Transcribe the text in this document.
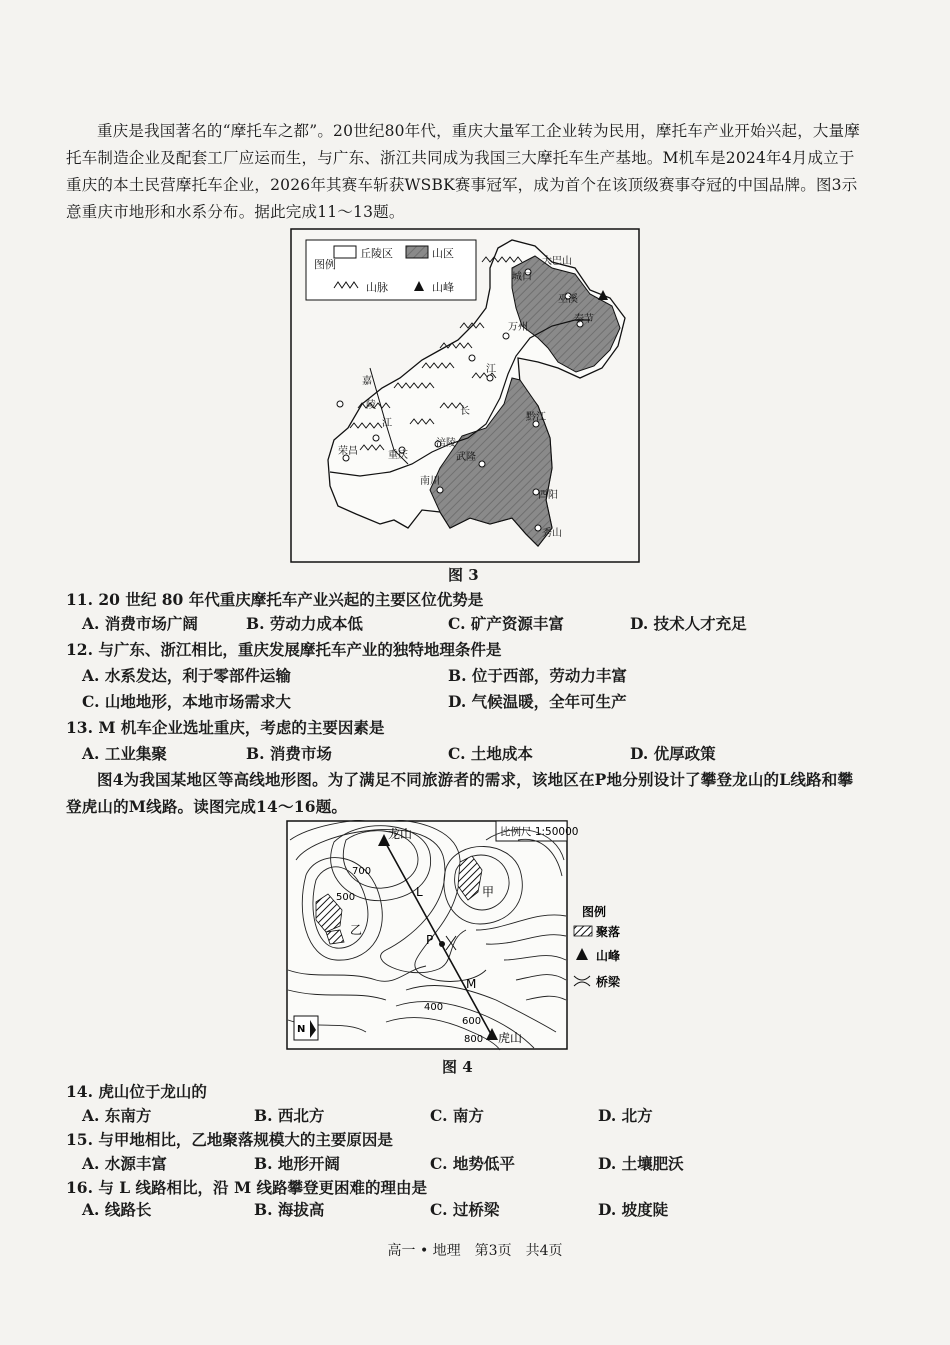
重庆是我国著名的“摩托车之都”。20世纪80年代，重庆大量军工企业转为民用，摩托车产业开始兴起，大量摩托车制造企业及配套工厂应运而生，与广东、浙江共同成为我国三大摩托车生产基地。M机车是2024年4月成立于重庆的本土民营摩托车企业，2026年其赛车斩获WSBK赛事冠军，成为首个在该顶级赛事夺冠的中国品牌。图3示意重庆市地形和水系分布。据此完成11～13题。
图例
丘陵区	山区
山脉	山峰
大巴山
城口
巫溪
奉节
万州
嘉
陵
江
荣昌	重庆
涪陵
武隆
南川
黔江
酉阳
秀山
长
江
图 3
11. 20 世纪 80 年代重庆摩托车产业兴起的主要区位优势是
A. 消费市场广阔	B. 劳动力成本低	C. 矿产资源丰富	D. 技术人才充足
12. 与广东、浙江相比，重庆发展摩托车产业的独特地理条件是
A. 水系发达，利于零部件运输	B. 位于西部，劳动力丰富
C. 山地地形，本地市场需求大	D. 气候温暖，全年可生产
13. M 机车企业选址重庆，考虑的主要因素是
A. 工业集聚	B. 消费市场	C. 土地成本	D. 优厚政策
图4为我国某地区等高线地形图。为了满足不同旅游者的需求，该地区在P地分别设计了攀登龙山的L线路和攀登虎山的M线路。读图完成14～16题。
比例尺 1:50000
龙山
虎山
L
M
P
甲
乙
700
500
400
600
800
N
图例
聚落
山峰
桥梁
图 4
14. 虎山位于龙山的
A. 东南方	B. 西北方	C. 南方	D. 北方
15. 与甲地相比，乙地聚落规模大的主要原因是
A. 水源丰富	B. 地形开阔	C. 地势低平	D. 土壤肥沃
16. 与 L 线路相比，沿 M 线路攀登更困难的理由是
A. 线路长	B. 海拔高	C. 过桥梁	D. 坡度陡
高一 • 地理　第3页　共4页
